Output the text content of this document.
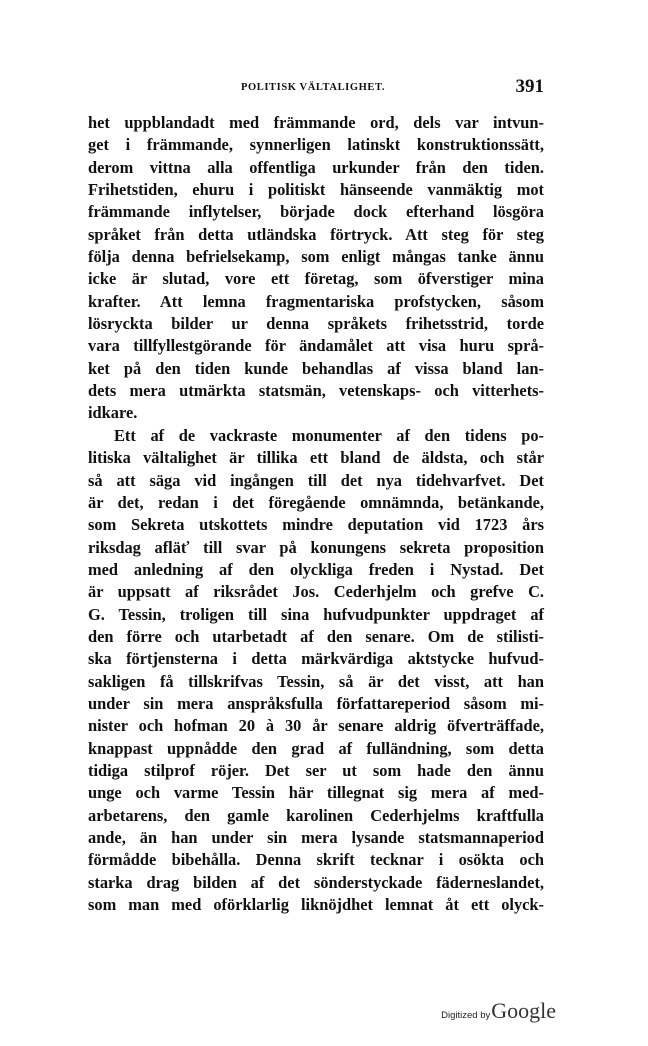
POLITISK VÄLTALIGHET.	391
het uppblandadt med främmande ord, dels var intvun-
get i främmande, synnerligen latinskt konstruktionssätt,
derom vittna alla offentliga urkunder från den tiden.
Frihetstiden, ehuru i politiskt hänseende vanmäktig mot
främmande inflytelser, började dock efterhand lösgöra
språket från detta utländska förtryck. Att steg för steg
följa denna befrielsekamp, som enligt mångas tanke ännu
icke är slutad, vore ett företag, som öfverstiger mina
krafter. Att lemna fragmentariska profstycken, såsom
lösryckta bilder ur denna språkets frihetsstrid, torde
vara tillfyllestgörande för ändamålet att visa huru språ-
ket på den tiden kunde behandlas af vissa bland lan-
dets mera utmärkta statsmän, vetenskaps- och vitterhets-
idkare.
Ett af de vackraste monumenter af den tidens po-
litiska vältalighet är tillika ett bland de äldsta, och står
så att säga vid ingången till det nya tidehvarfvet. Det
är det, redan i det föregående omnämnda, betänkande,
som Sekreta utskottets mindre deputation vid 1723 års
riksdag afläť till svar på konungens sekreta proposition
med anledning af den olyckliga freden i Nystad. Det
är uppsatt af riksrådet Jos. Cederhjelm och grefve C.
G. Tessin, troligen till sina hufvudpunkter uppdraget af
den förre och utarbetadt af den senare. Om de stilisti-
ska förtjensterna i detta märkvärdiga aktstycke hufvud-
sakligen få tillskrifvas Tessin, så är det visst, att han
under sin mera anspråksfulla författareperiod såsom mi-
nister och hofman 20 à 30 år senare aldrig öfverträffade,
knappast uppnådde den grad af fulländning, som detta
tidiga stilprof röjer. Det ser ut som hade den ännu
unge och varme Tessin här tillegnat sig mera af med-
arbetarens, den gamle karolinen Cederhjelms kraftfulla
ande, än han under sin mera lysande statsmannaperiod
förmådde bibehålla. Denna skrift tecknar i osökta och
starka drag bilden af det sönderstyckade fäderneslandet,
som man med oförklarlig liknöjdhet lemnat åt ett olyck-
Digitized by Google
